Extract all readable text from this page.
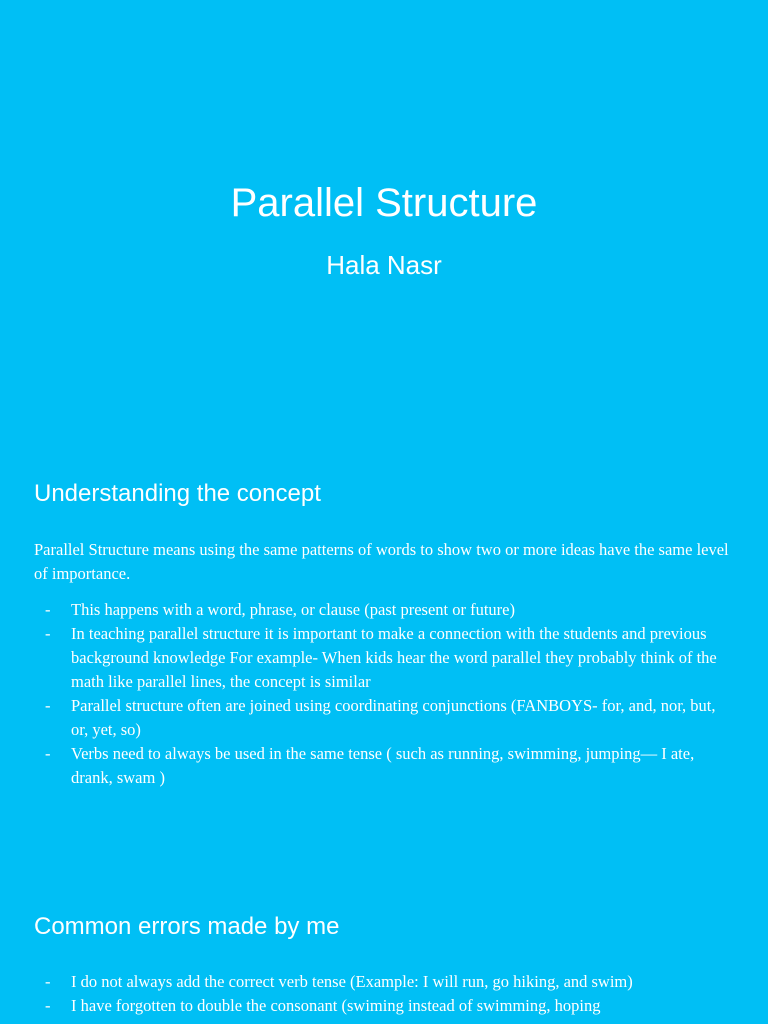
Parallel Structure
Hala Nasr
Understanding the concept

Parallel Structure means using the same patterns of words to show two or more ideas have the same level of importance.

- This happens with a word, phrase, or clause (past present or future)
- In teaching parallel structure it is important to make a connection with the students and previous background knowledge For example- When kids hear the word parallel they probably think of the math like parallel lines, the concept is similar
- Parallel structure often are joined using coordinating conjunctions (FANBOYS- for, and, nor, but, or, yet, so)
- Verbs need to always be used in the same tense ( such as running, swimming, jumping— I ate, drank, swam )
Common errors made by me
- I do not always add the correct verb tense (Example: I will run, go hiking, and swim)
- I have forgotten to double the consonant (swiming instead of swimming, hoping
